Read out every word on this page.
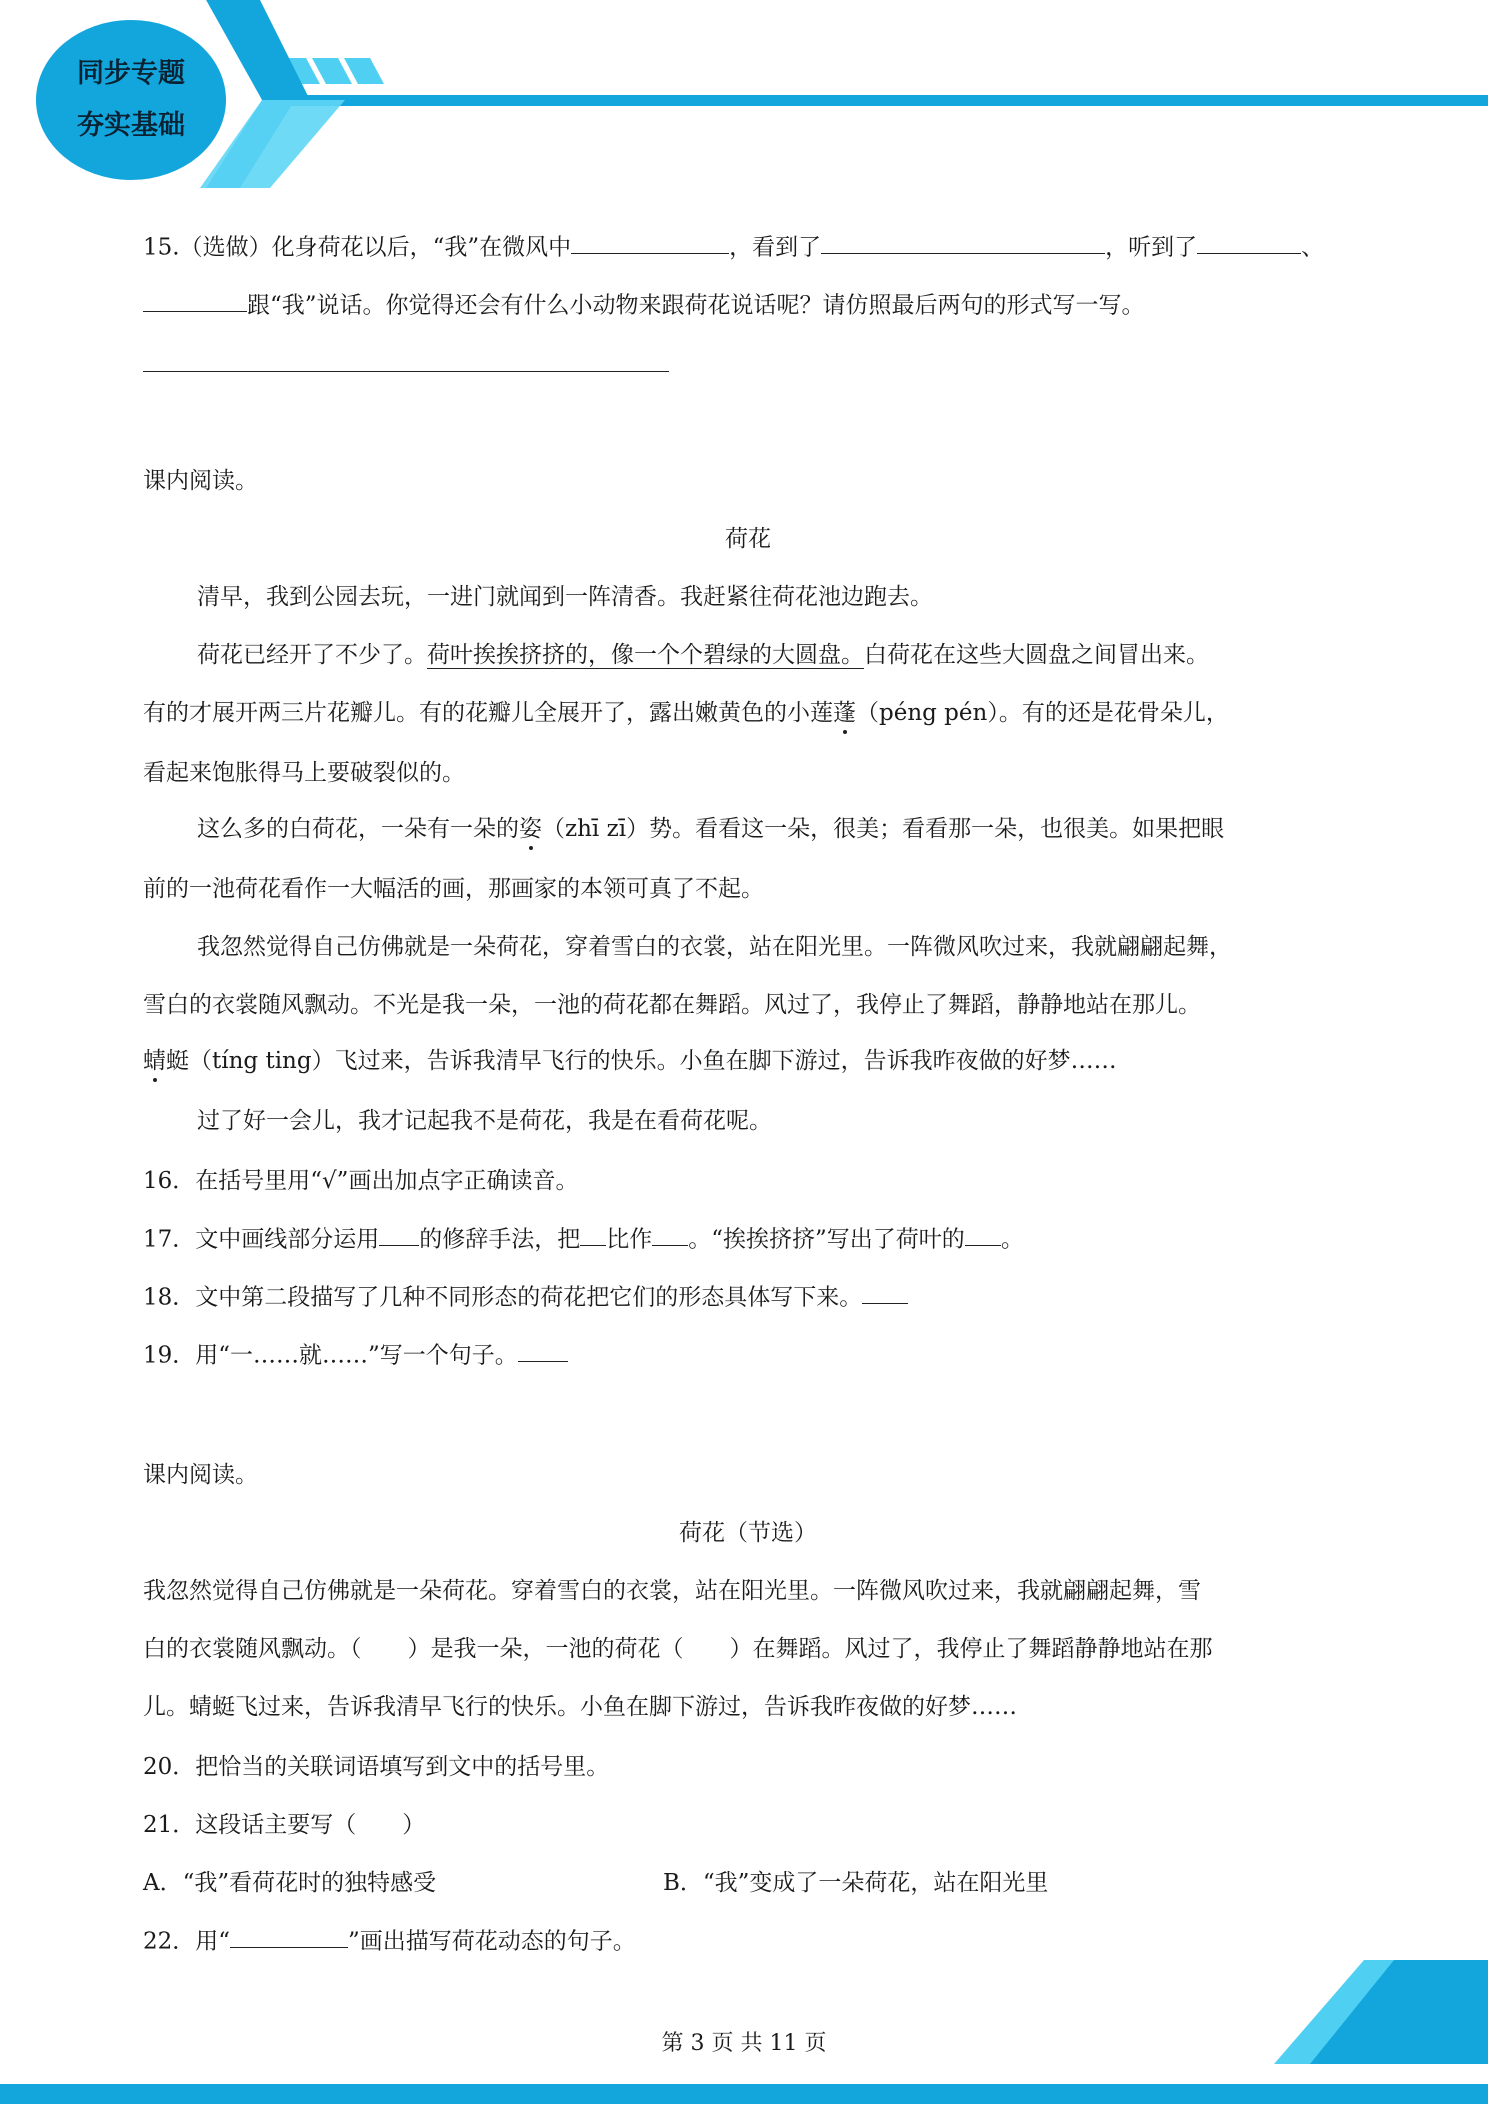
同步专题
夯实基础
15.（选做）化身荷花以后，“我”在微风中	，看到了	，听到了	、
跟“我”说话。你觉得还会有什么小动物来跟荷花说话呢？请仿照最后两句的形式写一写。
课内阅读。
荷花
清早，我到公园去玩，一进门就闻到一阵清香。我赶紧往荷花池边跑去。
荷花已经开了不少了。荷叶挨挨挤挤的，像一个个碧绿的大圆盘。白荷花在这些大圆盘之间冒出来。
有的才展开两三片花瓣儿。有的花瓣儿全展开了，露出嫩黄色的小莲蓬（péng pén）。有的还是花骨朵儿，
看起来饱胀得马上要破裂似的。
这么多的白荷花，一朵有一朵的姿（zhī zī）势。看看这一朵，很美；看看那一朵，也很美。如果把眼
前的一池荷花看作一大幅活的画，那画家的本领可真了不起。
我忽然觉得自己仿佛就是一朵荷花，穿着雪白的衣裳，站在阳光里。一阵微风吹过来，我就翩翩起舞，
雪白的衣裳随风飘动。不光是我一朵，一池的荷花都在舞蹈。风过了，我停止了舞蹈，静静地站在那儿。
蜻蜓（tíng ting）飞过来，告诉我清早飞行的快乐。小鱼在脚下游过，告诉我昨夜做的好梦……
过了好一会儿，我才记起我不是荷花，我是在看荷花呢。
16．在括号里用“√”画出加点字正确读音。
17．文中画线部分运用 的修辞手法，把 比作 。“挨挨挤挤”写出了荷叶的 。
18．文中第二段描写了几种不同形态的荷花把它们的形态具体写下来。
19．用“一……就……”写一个句子。
课内阅读。
荷花（节选）
我忽然觉得自己仿佛就是一朵荷花。穿着雪白的衣裳，站在阳光里。一阵微风吹过来，我就翩翩起舞，雪
白的衣裳随风飘动。（　　）是我一朵，一池的荷花（　　）在舞蹈。风过了，我停止了舞蹈静静地站在那
儿。蜻蜓飞过来，告诉我清早飞行的快乐。小鱼在脚下游过，告诉我昨夜做的好梦……
20．把恰当的关联词语填写到文中的括号里。
21．这段话主要写（　　）
A．“我”看荷花时的独特感受	B．“我”变成了一朵荷花，站在阳光里
22．用“	”画出描写荷花动态的句子。
第 3 页 共 11 页
